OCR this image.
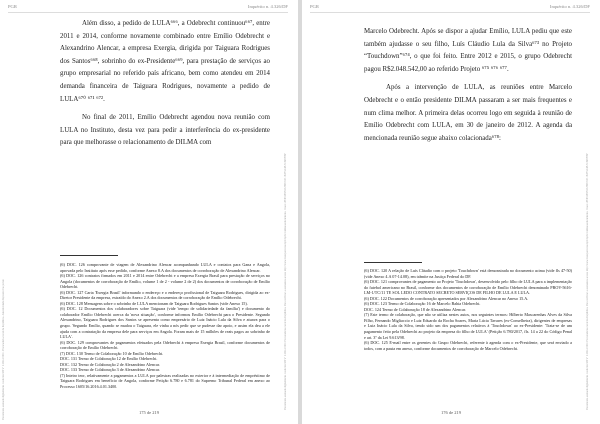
PGR	Inquérito n. 4.326/DF

Além disso, a pedido de LULA⁶⁶⁶, a Odebrecht continuou⁶⁶⁷, entre 2011 e 2014, conforme novamente combinado entre Emílio Odebrecht e Alexandrino Alencar, a empresa Exergia, dirigida por Taiguara Rodrigues dos Santos⁶⁶⁸, sobrinho do ex-Presidente⁶⁶⁹, para prestação de serviços ao grupo empresarial no referido país africano, bem como atendeu em 2014 demanda financeira de Taiguara Rodrigues, novamente a pedido de LULA⁶⁷⁰ ⁶⁷¹ ⁶⁷².

No final de 2011, Emílio Odebrecht agendou nova reunião com LULA no Instituto, desta vez para pedir a interferência do ex-presidente para que melhorasse o relacionamento de DILMA com

(6) DOC. 126 comprovante de viagem de Alexandrino Alencar acompanhando LULA e contatos para Gana e Angola, aprovada pelo Instituto após esse pedido, conforme Anexo 8.A dos documentos de corroboração de Alexandrino Alencar.
(6) DOC. 126 contratos firmados em 2011 e 2014 entre Odebrecht e a empresa Exergia Brasil para prestação de serviços no Angola (documentos de corroboração de Emílio, volume 1 de 2 - volume 2 de 2) dos documentos de corroboração de Emílio Odebrecht.
(6) DOC. 127 Carta 'Exergia Brasil' informando o endereço e o endereço profissional de Taiguara Rodrigues, dirigida ao ex-Diretor Presidente da empresa, extraído do Anexo 2.A dos documentos de corroboração de Emílio Odebrecht.
(6) DOC. 128 Mensagens sobre o sobrinho de LULA mencionam de Taiguara Rodrigues Santos (vide Anexo 15).
(6) DOC. 12 Documentos dos colaboradores sobre Taiguara (vide 'tempo de solidariedade da família') e documento do colaborador Emílio Odebrecht acerca da 'nova situação', conforme informou Emílio Odebrecht para o Presidente. Segundo Alexandrino, Taiguara Rodrigues dos Santos se apresenta como empresário de Luiz Inácio Lula da Silva e atuava para o grupo. 'Segundo Emílio, quando se mudou o Taiguara, ele vinha a nós pedir que se pudesse dar apoio, e assim ela deu a ele ajuda com a contratação da empresa dele para serviços em Angola. Foram mais de 15 milhões de reais pagos ao sobrinho de LULA'.
(6) DOC. 129 comprovantes de pagamentos efetuados pela Odebrecht à empresa Exergia Brasil, conforme documentos de corroboração de Emílio Odebrecht.
(7) DOC. 130 Termo de Colaboração 10 de Emílio Odebrecht.
DOC. 131 Termo de Colaboração 12 de Emílio Odebrecht.
DOC. 132 Termo de Colaboração 2 de Alexandrino Alencar.
DOC. 133 Termo de Colaboração 3 de Alexandrino Alencar.
(7) Inteiro teor, relativamente a pagamentos a LULA por palestras realizadas no exterior e à intermediação de empréstimo de Taiguara Rodrigues em benefício de Angola, conforme Petição 6.780 e 6.781 do Supremo Tribunal Federal em anexo ao Processo 1605/16.2016.4.01.3400.	Documento assinado digitalmente conforme MP n° 2.200-2/2001 Procuradoria-Geral da República. Para verificar a assinatura acesse http://www.transparencia.mpf.mp.br/validacaodocumento. Chave 2B3D4E5F.6A7B8C9D.1E2F3A4B.5C6D7E8F
Documento assinado digitalmente conforme MP n° 2.200-2/2001. Procuradoria-Geral da República. Autenticidade disponível no portal.	175 de 219
PGR	Inquérito n. 4.326/DF

Marcelo Odebrecht. Após se dispor a ajudar Emílio, LULA pediu que este também ajudasse o seu filho, Luís Cláudio Lula da Silva⁶⁷³ no Projeto “Touchdown”⁶⁷⁴, o que foi feito. Entre 2012 e 2015, o grupo Odebrecht pagou R$2.048.542,00 ao referido Projeto ⁶⁷⁵ ⁶⁷⁶ ⁶⁷⁷.

Após a intervenção de LULA, as reuniões entre Marcelo Odebrecht e o então presidente DILMA passaram a ser mais frequentes e num clima melhor. A primeira delas ocorreu logo em seguida à reunião de Emílio Odebrecht com LULA, em 30 de janeiro de 2012. A agenda da mencionada reunião segue abaixo colacionada⁶⁷⁸:

(6) DOC. 120 A relação de Luís Cláudio com o projeto 'Touchdown' está demonstrada no documento acima (vide fls 47-50) (vide Anexo 4.A 07-14.08), em trâmite na Justiça Federal do DF.
(6) DOC. 121 comprovantes de pagamento ao Projeto 'Touchdown', desenvolvido pelo filho de LULA para a implementação do futebol americano no Brasil, conforme dos documentos de corroboração de Emílio Odebrecht denominado PROV-5616-LM-1/TC/11 TE SOL LEDO CONTRATO SECRETO SERVIÇOS DE FILHO DE LULA E LULA.
(6) DOC. 122 Documentos de corroboração apresentados por Alexandrino Alencar no Anexo 15.A.
(6) DOC. 123 Termo de Colaboração 16 de Marcelo Bahia Odebrecht.
DOC. 124 Termo de Colaboração 18 de Alexandrino Alencar.
(7) Este termo de colaboração, que não se utiliza nestes autos, nos seguintes termos: Hilberto Mascarenhas Alves da Silva Filho, Fernando Migliaccio e Luiz Eduardo da Rocha Soares, Maria Lúcia Tavares (ex-Conselheira), dirigentes de empresas e Luiz Inácio Lula da Silva, tendo sido um dos pagamentos relativos à 'Touchdown' ao ex-Presidente: 'Trata-se de um pagamento feito pela Odebrecht ao projeto da empresa do filho de LULA' (Petição 6.780/2017, fls. 14 a 22 do Código Penal e art. 3º da Lei 9.613/98.
(6) DOC. 125 E-mail entre os gerentes do Grupo Odebrecht, referente à agenda com o ex-Presidente, que será enviado a todos, com a pauta em anexo, conforme documentos de corroboração de Marcelo Odebrecht.	Documento assinado digitalmente conforme MP n° 2.200-2/2001 Procuradoria-Geral da República. Para verificar a assinatura acesse http://www.transparencia.mpf.mp.br/validacaodocumento. Chave 2B3D4E5F.6A7B8C9D.1E2F3A4B.5C6D7E8F
176 de 219
